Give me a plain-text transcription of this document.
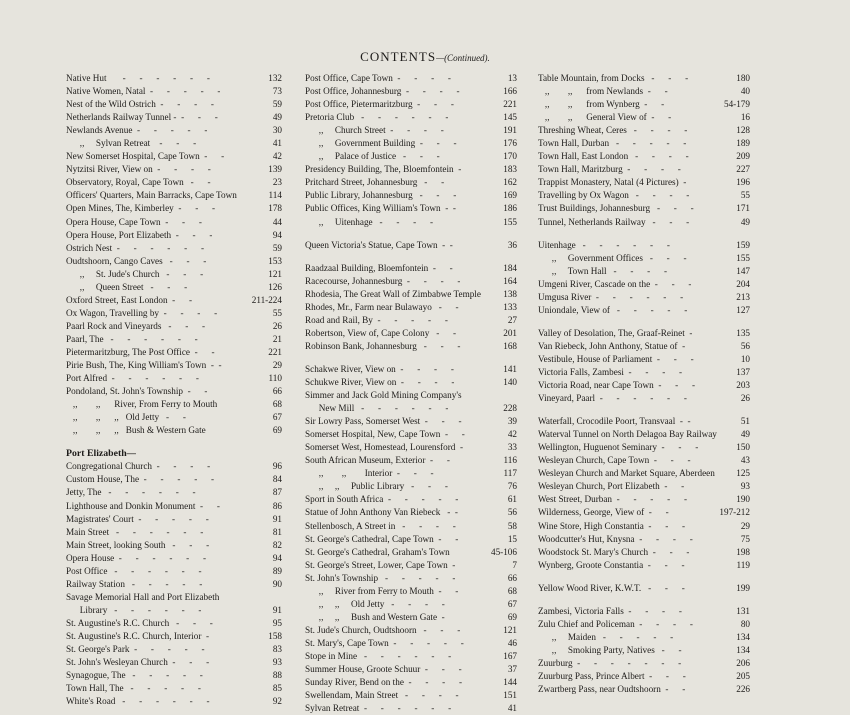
CONTENTS—(Continued).
Native Hut       -      -      -      -      -      -	132
Native Women, Natal  -      -      -      -      -	73
Nest of the Wild Ostrich  -      -      -      -	59
Netherlands Railway Tunnel -  -      -      -	49
Newlands Avenue  -      -      -      -      -	30
,,     Sylvan Retreat    -      -      -	41
New Somerset Hospital, Cape Town  -      -	42
Nytzitsi River, View on  -      -      -      -	139
Observatory, Royal, Cape Town   -      -	23
Officers' Quarters, Main Barracks, Cape Town	114
Open Mines, The, Kimberley  -      -      -	178
Opera House, Cape Town  -      -      -	44
Opera House, Port Elizabeth  -      -      -	94
Ostrich Nest  -      -      -      -      -      -	59
Oudtshoorn, Cango Caves   -      -      -	153
,,     St. Jude's Church   -      -      -	121
,,     Queen Street   -      -      -	126
Oxford Street, East London  -      -	211-224
Ox Wagon, Travelling by  -      -      -      -	55
Paarl Rock and Vineyards   -      -      -	26
Paarl, The   -      -      -      -      -      -	21
Pietermaritzburg, The Post Office  -      -	221
Pirie Bush, The, King William's Town  -  -	29
Port Alfred  -      -      -      -      -      -	110
Pondoland, St. John's Township  -      -	66
,,        ,,      River, From Ferry to Mouth	68
,,        ,,      ,,   Old Jetty   -      -	67
,,        ,,      ,,   Bush & Western Gate	69
Port Elizabeth—
Congregational Church  -      -      -      -	96
Custom House, The  -      -      -      -      -	84
Jetty, The   -      -      -      -      -      -	87
Lighthouse and Donkin Monument  -      -	86
Magistrates' Court  -      -      -      -      -	91
Main Street   -      -      -      -      -      -	81
Main Street, looking South   -      -      -	82
Opera House  -      -      -      -      -      -	94
Post Office   -      -      -      -      -      -	89
Railway Station   -      -      -      -      -	90
Savage Memorial Hall and Port Elizabeth
Library   -      -      -      -      -      -	91
St. Augustine's R.C. Church   -      -      -	95
St. Augustine's R.C. Church, Interior  -	158
St. George's Park  -      -      -      -      -	83
St. John's Wesleyan Church  -      -      -	93
Synagogue, The   -      -      -      -      -	88
Town Hall, The   -      -      -      -      -	85
White's Road   -      -      -      -      -      -	92
Post Office, Cape Town  -      -      -      -	13
Post Office, Johannesburg  -      -      -      -	166
Post Office, Pietermaritzburg  -      -      -	221
Pretoria Club   -      -      -      -      -      -	145
,,     Church Street  -      -      -      -	191
,,     Government Building  -      -      -	176
,,     Palace of Justice   -      -      -	170
Presidency Building, The, Bloemfontein  -	183
Pritchard Street, Johannesburg   -      -	162
Public Library, Johannesburg   -      -      -	169
Public Offices, King William's Town  -  -	186
,,     Uitenhage   -      -      -      -	155
Queen Victoria's Statue, Cape Town  -  -	36
Raadzaal Building, Bloemfontein  -      -	184
Racecourse, Johannesburg  -      -      -      -	164
Rhodesia, The Great Wall of Zimbabwe Temple	138
Rhodes, Mr., Farm near Bulawayo   -      -	133
Road and Rail, By  -      -      -      -      -	27
Robertson, View of, Cape Colony   -      -	201
Robinson Bank, Johannesburg   -      -      -	168
Schakwe River, View on  -      -      -      -	141
Schukwe River, View on  -      -      -      -	140
Simmer and Jack Gold Mining Company's
New Mill   -      -      -      -      -      -	228
Sir Lowry Pass, Somerset West  -      -      -	39
Somerset Hospital, New, Cape Town  -      -	42
Somerset West, Homestead, Lourensford  -	33
South African Museum, Exterior  -      -	116
,,        ,,        Interior  -      -      -	117
,,     ,,     Public Library   -      -      -	76
Sport in South Africa  -      -      -      -      -	61
Statue of John Anthony Van Riebeck   -  -	56
Stellenbosch, A Street in   -      -      -      -	58
St. George's Cathedral, Cape Town  -      -	15
St. George's Cathedral, Graham's Town	45-106
St. George's Street, Lower, Cape Town  -	7
St. John's Township   -      -      -      -      -	66
,,     River from Ferry to Mouth  -      -	68
,,     ,,     Old Jetty   -      -      -      -	67
,,     ,,     Bush and Western Gate  -	69
St. Jude's Church, Oudtshoorn   -      -      -	121
St. Mary's, Cape Town  -      -      -      -      -	46
Stope in Mine   -      -      -      -      -      -	167
Summer House, Groote Schuur  -      -      -	37
Sunday River, Bend on the  -      -      -      -	144
Swellendam, Main Street   -      -      -      -	151
Sylvan Retreat  -      -      -      -      -      -	41
Table Mountain, from Docks   -      -      -	180
,,        ,,      from Newlands  -      -	40
,,        ,,      from Wynberg  -      -	54-179
,,        ,,      General View of  -      -	16
Threshing Wheat, Ceres   -      -      -      -	128
Town Hall, Durban   -      -      -      -      -	189
Town Hall, East London   -      -      -      -	209
Town Hall, Maritzburg  -      -      -      -	227
Trappist Monastery, Natal (4 Pictures)  -	196
Travelling by Ox Wagon   -      -      -      -	55
Trust Buildings, Johannesburg   -      -      -	171
Tunnel, Netherlands Railway   -      -      -	49
Uitenhage   -      -      -      -      -      -	159
,,     Government Offices   -      -      -	155
,,     Town Hall   -      -      -      -	147
Umgeni River, Cascade on the  -      -      -	204
Umgusa River  -      -      -      -      -      -	213
Uniondale, View of   -      -      -      -      -	127
Valley of Desolation, The, Graaf-Reinet  -	135
Van Riebeck, John Anthony, Statue of  -	56
Vestibule, House of Parliament  -      -      -	10
Victoria Falls, Zambesi  -      -      -      -	137
Victoria Road, near Cape Town  -      -      -	203
Vineyard, Paarl  -      -      -      -      -      -	26
Waterfall, Crocodile Poort, Transvaal  -  -	51
Waterval Tunnel on North Delagoa Bay Railway	49
Wellington, Huguenot Seminary  -      -      -	150
Wesleyan Church, Cape Town  -      -      -	43
Wesleyan Church and Market Square, Aberdeen	125
Wesleyan Church, Port Elizabeth  -      -	93
West Street, Durban  -      -      -      -      -	190
Wilderness, George, View of  -      -	197-212
Wine Store, High Constantia  -      -      -	29
Woodcutter's Hut, Knysna  -      -      -      -	75
Woodstock St. Mary's Church  -      -      -	198
Wynberg, Groote Constantia  -      -      -	119
Yellow Wood River, K.W.T.   -      -      -	199
Zambesi, Victoria Falls  -      -      -      -	131
Zulu Chief and Policeman  -      -      -      -	80
,,     Maiden   -      -      -      -      -	134
,,     Smoking Party, Natives   -      -	134
Zuurburg  -      -      -      -      -      -      -	206
Zuurburg Pass, Prince Albert  -      -      -	205
Zwartberg Pass, near Oudtshoorn  -      -	226
